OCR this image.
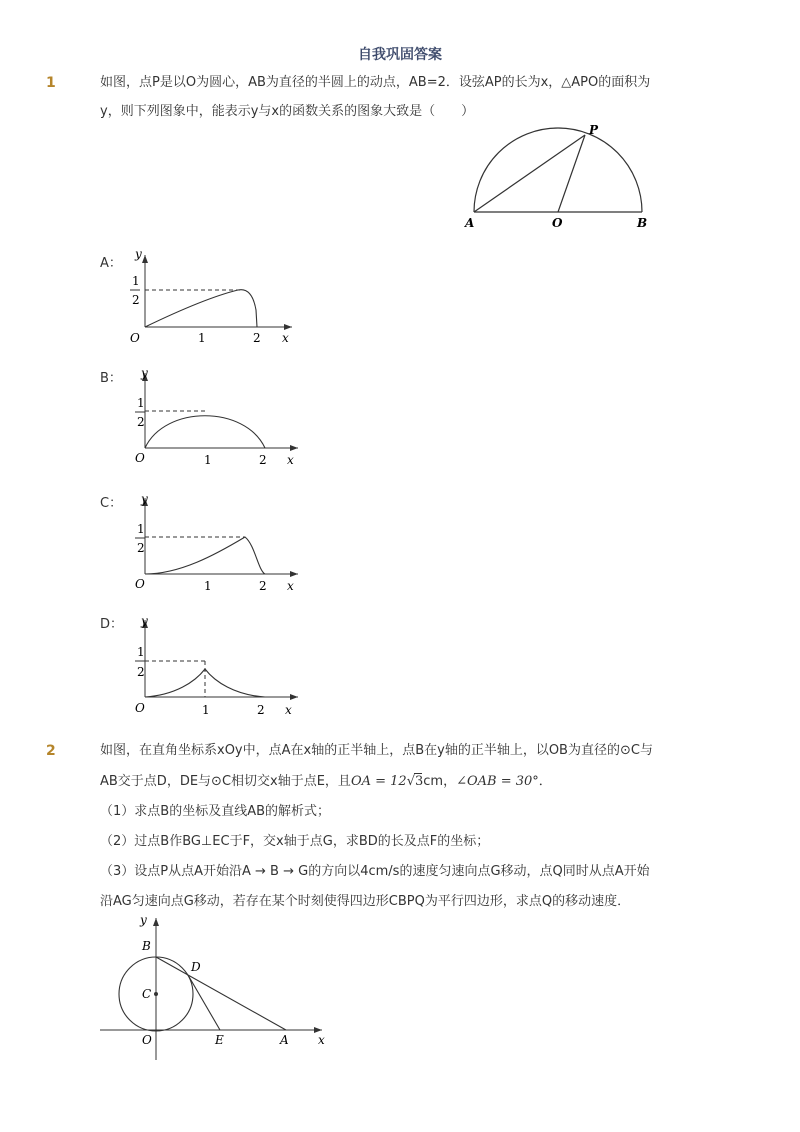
自我巩固答案
1	如图，点P是以O为圆心，AB为直径的半圆上的动点，AB=2．设弦AP的长为x，△APO的面积为
y，则下列图象中，能表示y与x的函数关系的图象大致是（　　）
P
A	O	B
A：
y
1
2
O	1	2 x
B： y
1
2
O	1	2 x
C： y
1
2
O	1	2 x
D： y
1
2
O	1	2 x
2	如图，在直角坐标系xOy中，点A在x轴的正半轴上，点B在y轴的正半轴上，以OB为直径的⊙C与
AB交于点D，DE与⊙C相切交x轴于点E，且OA = 12
√3cm，∠OAB = 30°．
（1）求点B的坐标及直线AB的解析式；
（2）过点B作BG⊥EC于F，交x轴于点G，求BD的长及点F的坐标；
（3）设点P从点A开始沿A → B → G的方向以4cm/s的速度匀速向点G移动，点Q同时从点A开始
沿AG匀速向点G移动，若存在某个时刻使得四边形CBPQ为平行四边形，求点Q的移动速度．
y
B
D
C
O	E	A x
